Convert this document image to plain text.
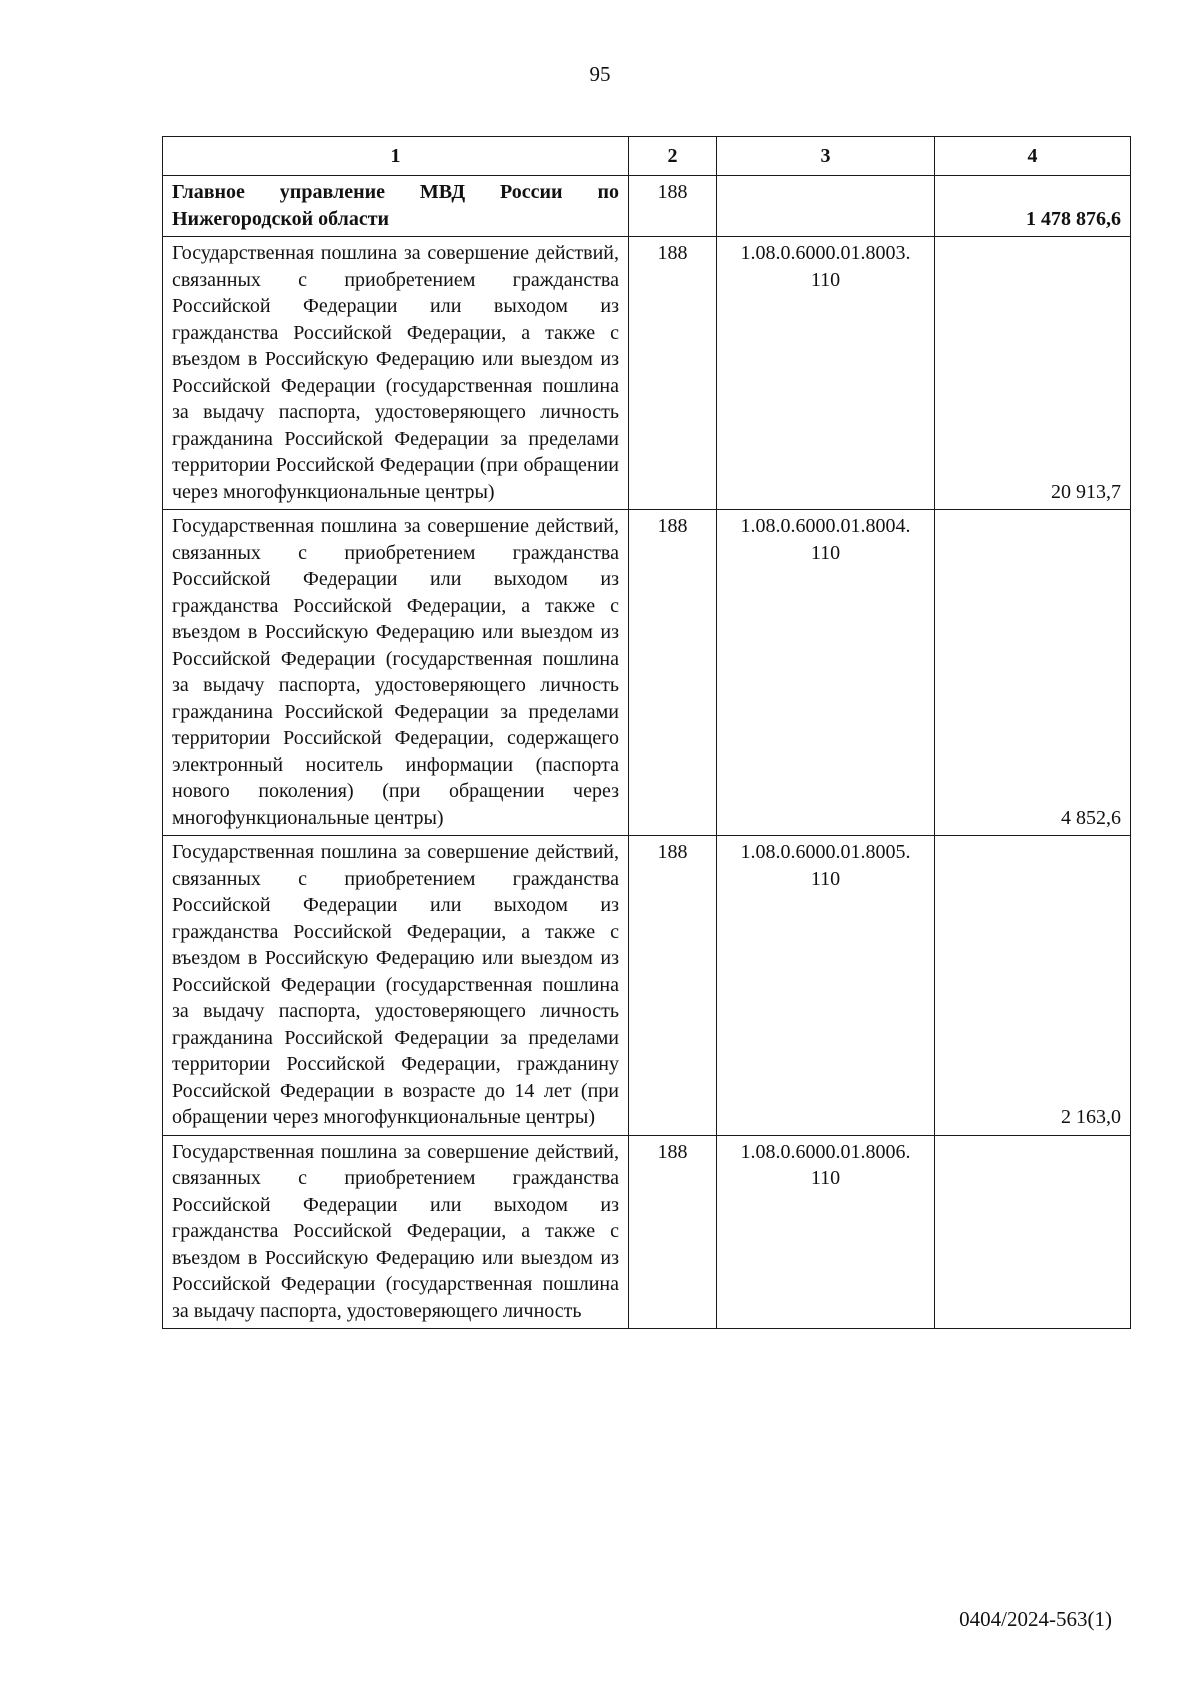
95
1	2	3	4
Главное управление МВД России по Нижегородской области	188		1 478 876,6
Государственная пошлина за совершение действий, связанных с приобретением гражданства Российской Федерации или выходом из гражданства Российской Федерации, а также с въездом в Российскую Федерацию или выездом из Российской Федерации (государственная пошлина за выдачу паспорта, удостоверяющего личность гражданина Российской Федерации за пределами территории Российской Федерации (при обращении через многофункциональные центры)	188	1.08.0.6000.01.8003. 110	20 913,7
Государственная пошлина за совершение действий, связанных с приобретением гражданства Российской Федерации или выходом из гражданства Российской Федерации, а также с въездом в Российскую Федерацию или выездом из Российской Федерации (государственная пошлина за выдачу паспорта, удостоверяющего личность гражданина Российской Федерации за пределами территории Российской Федерации, содержащего электронный носитель информации (паспорта нового поколения) (при обращении через многофункциональные центры)	188	1.08.0.6000.01.8004. 110	4 852,6
Государственная пошлина за совершение действий, связанных с приобретением гражданства Российской Федерации или выходом из гражданства Российской Федерации, а также с въездом в Российскую Федерацию или выездом из Российской Федерации (государственная пошлина за выдачу паспорта, удостоверяющего личность гражданина Российской Федерации за пределами территории Российской Федерации, гражданину Российской Федерации в возрасте до 14 лет (при обращении через многофункциональные центры)	188	1.08.0.6000.01.8005. 110	2 163,0
Государственная пошлина за совершение действий, связанных с приобретением гражданства Российской Федерации или выходом из гражданства Российской Федерации, а также с въездом в Российскую Федерацию или выездом из Российской Федерации (государственная пошлина за выдачу паспорта, удостоверяющего личность	188	1.08.0.6000.01.8006. 110	
0404/2024-563(1)
